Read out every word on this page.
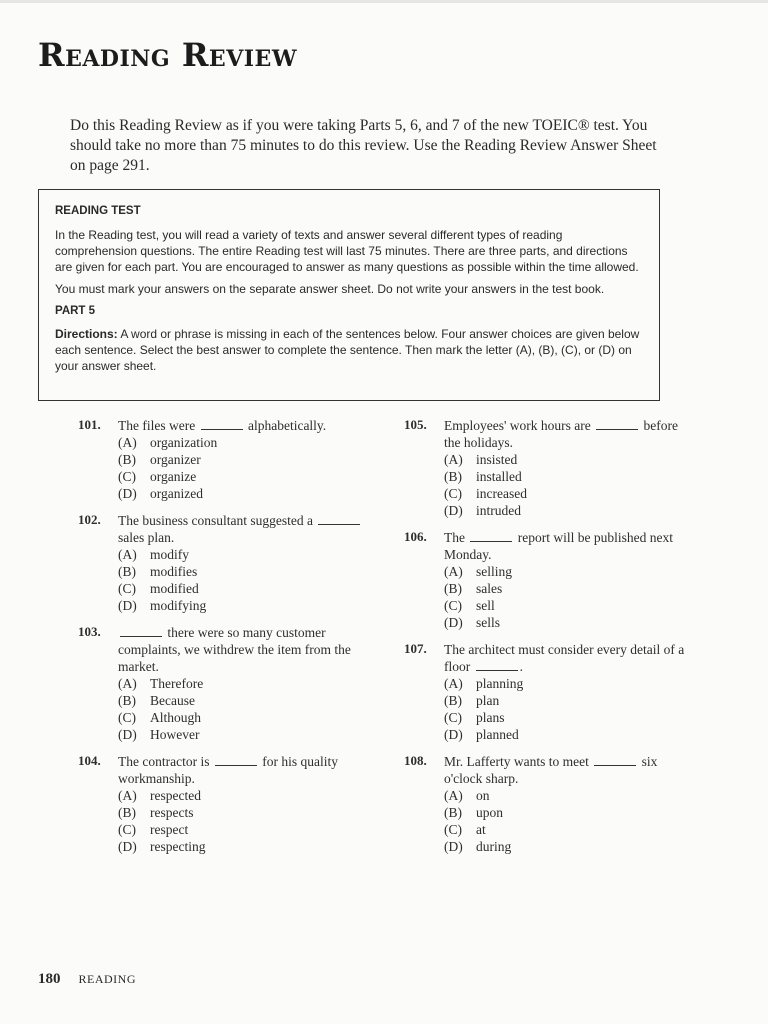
Reading Review

Do this Reading Review as if you were taking Parts 5, 6, and 7 of the new TOEIC® test. You should take no more than 75 minutes to do this review. Use the Reading Review Answer Sheet on page 291.

READING TEST

In the Reading test, you will read a variety of texts and answer several different types of reading comprehension questions. The entire Reading test will last 75 minutes. There are three parts, and directions are given for each part. You are encouraged to answer as many questions as possible within the time allowed.

You must mark your answers on the separate answer sheet. Do not write your answers in the test book.

PART 5

Directions: A word or phrase is missing in each of the sentences below. Four answer choices are given below each sentence. Select the best answer to complete the sentence. Then mark the letter (A), (B), (C), or (D) on your answer sheet.

101. The files were	alphabetically.
(A) organization
(B) organizer
(C) organize
(D) organized
102. The business consultant suggested a  sales plan.
(A) modify
(B) modifies
(C) modified
(D) modifying
103.	there were so many customer complaints, we withdrew the item from the market.
(A) Therefore
(B) Because
(C) Although
(D) However
104. The contractor is	for his quality workmanship.
(A) respected
(B) respects
(C) respect
(D) respecting
105. Employees' work hours are	before the holidays.
(A) insisted
(B) installed
(C) increased
(D) intruded
106. The	report will be published next Monday.
(A) selling
(B) sales
(C) sell
(D) sells
107. The architect must consider every detail of a floor	.
(A) planning
(B) plan
(C) plans
(D) planned
108. Mr. Lafferty wants to meet	six o'clock sharp.
(A) on
(B) upon
(C) at
(D) during
180 READING
